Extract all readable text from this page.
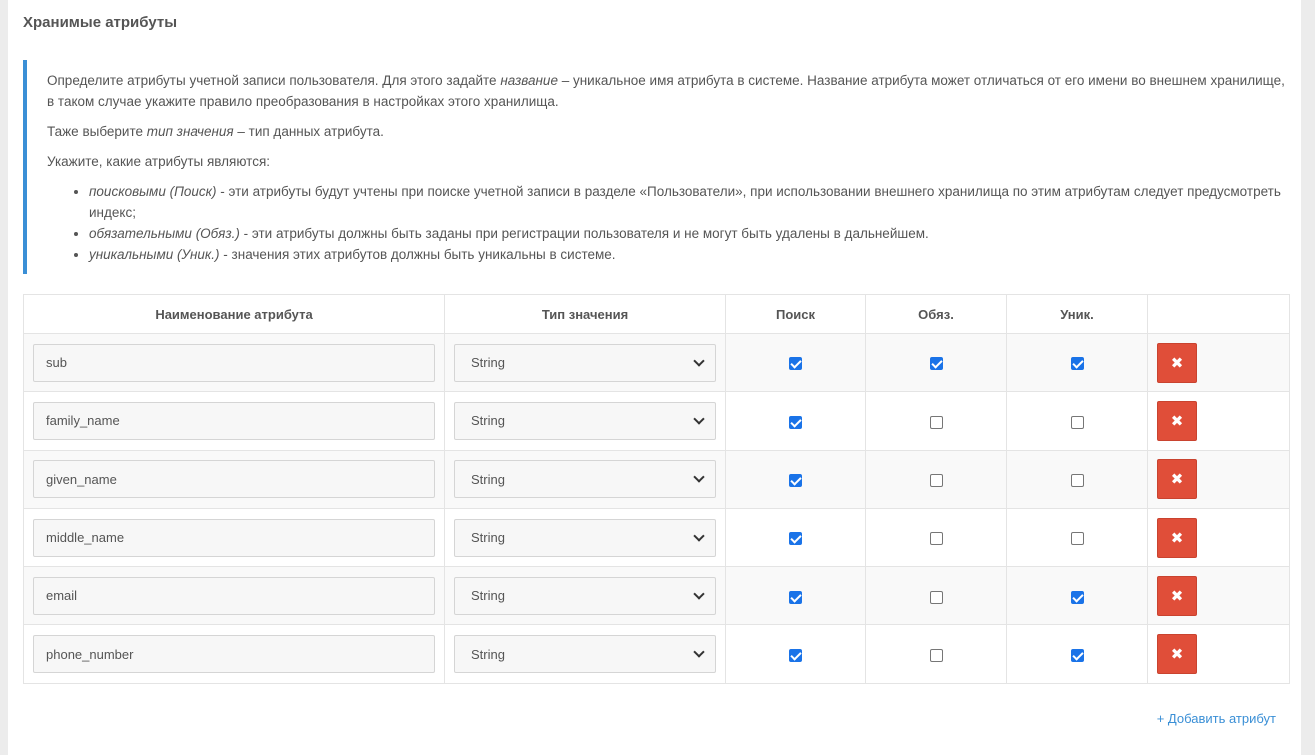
Хранимые атрибуты

Определите атрибуты учетной записи пользователя. Для этого задайте название – уникальное имя атрибута в системе. Название атрибута может отличаться от его имени во внешнем хранилище, в таком случае укажите правило преобразования в настройках этого хранилища.

Таже выберите тип значения – тип данных атрибута.

Укажите, какие атрибуты являются:

• поисковыми (Поиск) - эти атрибуты будут учтены при поиске учетной записи в разделе «Пользователи», при использовании внешнего хранилища по этим атрибутам следует предусмотреть индекс;
• обязательными (Обяз.) - эти атрибуты должны быть заданы при регистрации пользователя и не могут быть удалены в дальнейшем.
• уникальными (Уник.) - значения этих атрибутов должны быть уникальны в системе.
Наименование атрибута	Тип значения	Поиск	Обяз.	Уник.	

sub	String				✖

family_name	String				✖

given_name	String				✖

middle_name	String				✖

email	String				✖

phone_number	String				✖
+ Добавить атрибут
